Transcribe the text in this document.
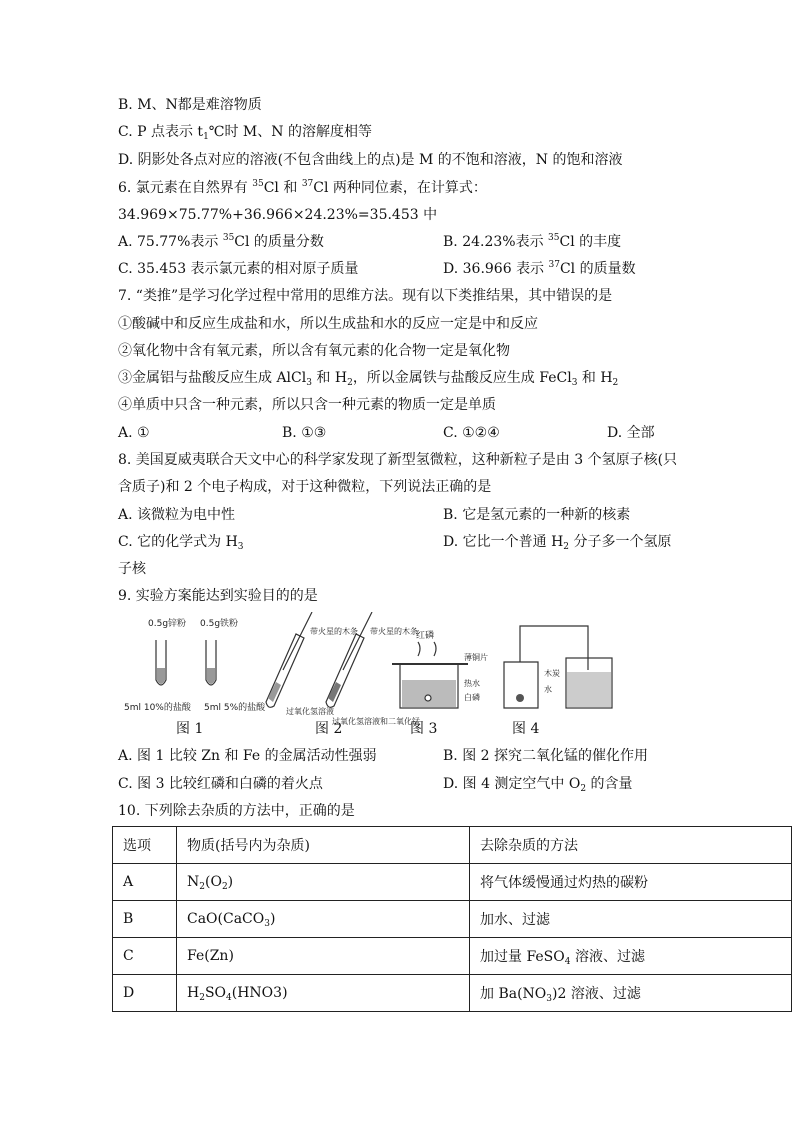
B. M、N都是难溶物质
C. P 点表示 $t_1℃$时 M、N 的溶解度相等
D. 阴影处各点对应的溶液(不包含曲线上的点)是 M 的不饱和溶液，N 的饱和溶液
6. 氯元素在自然界有 $^{35}$Cl 和 $^{37}$Cl 两种同位素，在计算式：
34.969×75.77%+36.966×24.23%=35.453 中
A. 75.77%表示 $^{35}$Cl 的质量分数	B. 24.23%表示 $^{35}$Cl 的丰度
C. 35.453 表示氯元素的相对原子质量	D. 36.966 表示 $^{37}$Cl 的质量数
7. “类推”是学习化学过程中常用的思维方法。现有以下类推结果，其中错误的是
①酸碱中和反应生成盐和水，所以生成盐和水的反应一定是中和反应
②氧化物中含有氧元素，所以含有氧元素的化合物一定是氧化物
③金属铝与盐酸反应生成 AlCl$_3$ 和 $H_2$，所以金属铁与盐酸反应生成 FeCl$_3$ 和 $H_2$
④单质中只含一种元素，所以只含一种元素的物质一定是单质
A. ①	B. ①③	C. ①②④	D. 全部
8. 美国夏威夷联合天文中心的科学家发现了新型氢微粒，这种新粒子是由 3 个氢原子核(只
含质子)和 2 个电子构成，对于这种微粒，下列说法正确的是
A. 该微粒为电中性	B. 它是氢元素的一种新的核素
C. 它的化学式为 $H_3$	D. 它比一个普通 $H_2$ 分子多一个氢原
子核
9. 实验方案能达到实验目的的是
0.5g锌粉 0.5g铁粉
5ml 10%的盐酸 5ml 5%的盐酸
带火星的木条 带火星的木条
过氧化氢溶液
过氧化氢溶液和二氧化锰
红磷
薄铜片
热水
白磷
木炭
水
图 1	图 2	图 3	图 4
A. 图 1 比较 Zn 和 Fe 的金属活动性强弱	B. 图 2 探究二氧化锰的催化作用
C. 图 3 比较红磷和白磷的着火点	D. 图 4 测定空气中 $O_2$ 的含量
10. 下列除去杂质的方法中，正确的是
选项	物质(括号内为杂质)	去除杂质的方法
A	$N_2(O_2)$	将气体缓慢通过灼热的碳粉
B	CaO(CaCO$_3$)	加水、过滤
C	Fe(Zn)	加过量 FeSO$_4$ 溶液、过滤
D	$H_2SO_4(HNO3)$	加 $Ba(NO_3)2$ 溶液、过滤
